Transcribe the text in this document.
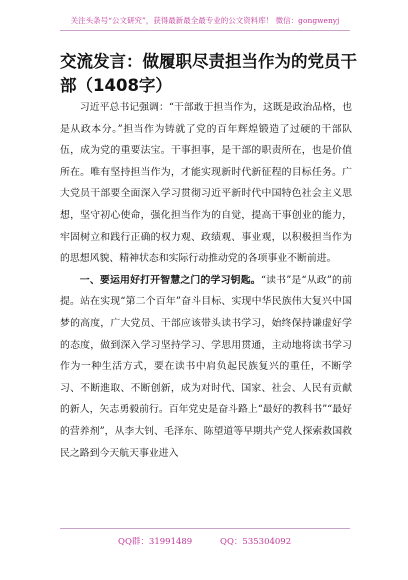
关注头条号“公文研究”，获得最新最全最专业的公文资料库！ 微信：gongwenyj
交流发言：做履职尽责担当作为的党员干部（1408字）

习近平总书记强调：“干部敢于担当作为，这既是政治品格，也是从政本分。”担当作为铸就了党的百年辉煌锻造了过硬的干部队伍，成为党的重要法宝。干事担事，是干部的职责所在，也是价值所在。唯有坚持担当作为，才能实现新时代新征程的目标任务。广大党员干部要全面深入学习贯彻习近平新时代中国特色社会主义思想，坚守初心使命，强化担当作为的自觉，提高干事创业的能力，牢固树立和践行正确的权力观、政绩观、事业观，以积极担当作为的思想风貌、精神状态和实际行动推动党的各项事业不断前进。

一、要运用好打开智慧之门的学习钥匙。“读书”是“从政”的前提。站在实现“第二个百年”奋斗目标、实现中华民族伟大复兴中国梦的高度，广大党员、干部应该带头读书学习，始终保持谦虚好学的态度，做到深入学习坚持学习、学思用贯通，主动地将读书学习作为一种生活方式，要在读书中肩负起民族复兴的重任，不断学习、不断進取、不断创新，成为对时代、国家、社会、人民有贡献的新人，矢志勇毅前行。百年党史是奋斗路上“最好的教科书”“最好的营养剂”，从李大钊、毛泽东、陈望道等早期共产党人探索救国救民之路到今天航天事业进入

QQ群：31991489	QQ：535304092
